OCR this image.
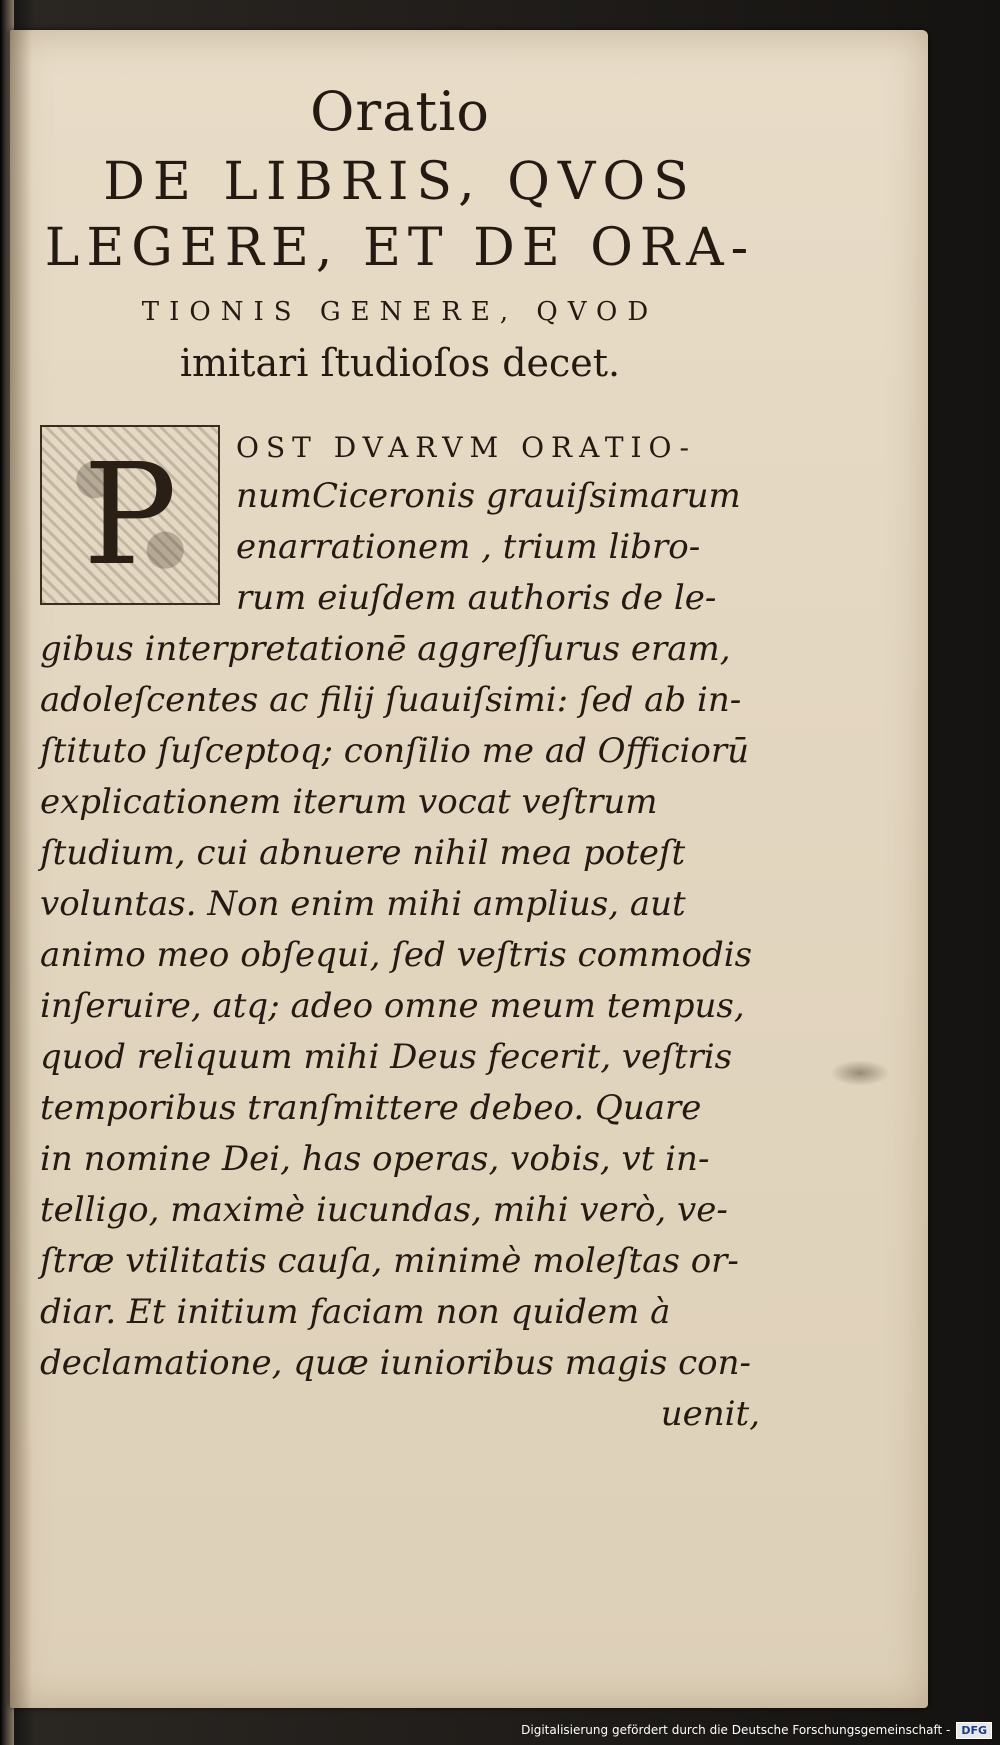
Oratio
DE LIBRIS, QVOS
LEGERE, ET DE ORA-
TIONIS GENERE, QVOD
imitari ſtudioſos decet.
P	OST DVARVM ORATIO-
numCiceronis grauiſsimarum
enarrationem , trium libro-
rum eiuſdem authoris de le-
gibus interpretationē aggreſſurus eram,
adoleſcentes ac filij ſuauiſsimi: ſed ab in-
ſtituto ſuſceptoq; conſilio me ad Officiorū
explicationem iterum vocat veſtrum
ſtudium, cui abnuere nihil mea poteſt
voluntas. Non enim mihi amplius, aut
animo meo obſequi, ſed veſtris commodis
inſeruire, atq; adeo omne meum tempus,
quod reliquum mihi Deus fecerit, veſtris
temporibus tranſmittere debeo. Quare
in nomine Dei, has operas, vobis, vt in-
telligo, maximè iucundas, mihi verò, ve-
ſtræ vtilitatis cauſa, minimè moleſtas or-
diar. Et initium faciam non quidem à
declamatione, quæ iunioribus magis con-
uenit,
Digitalisierung gefördert durch die Deutsche Forschungsgemeinschaft -	DFG
